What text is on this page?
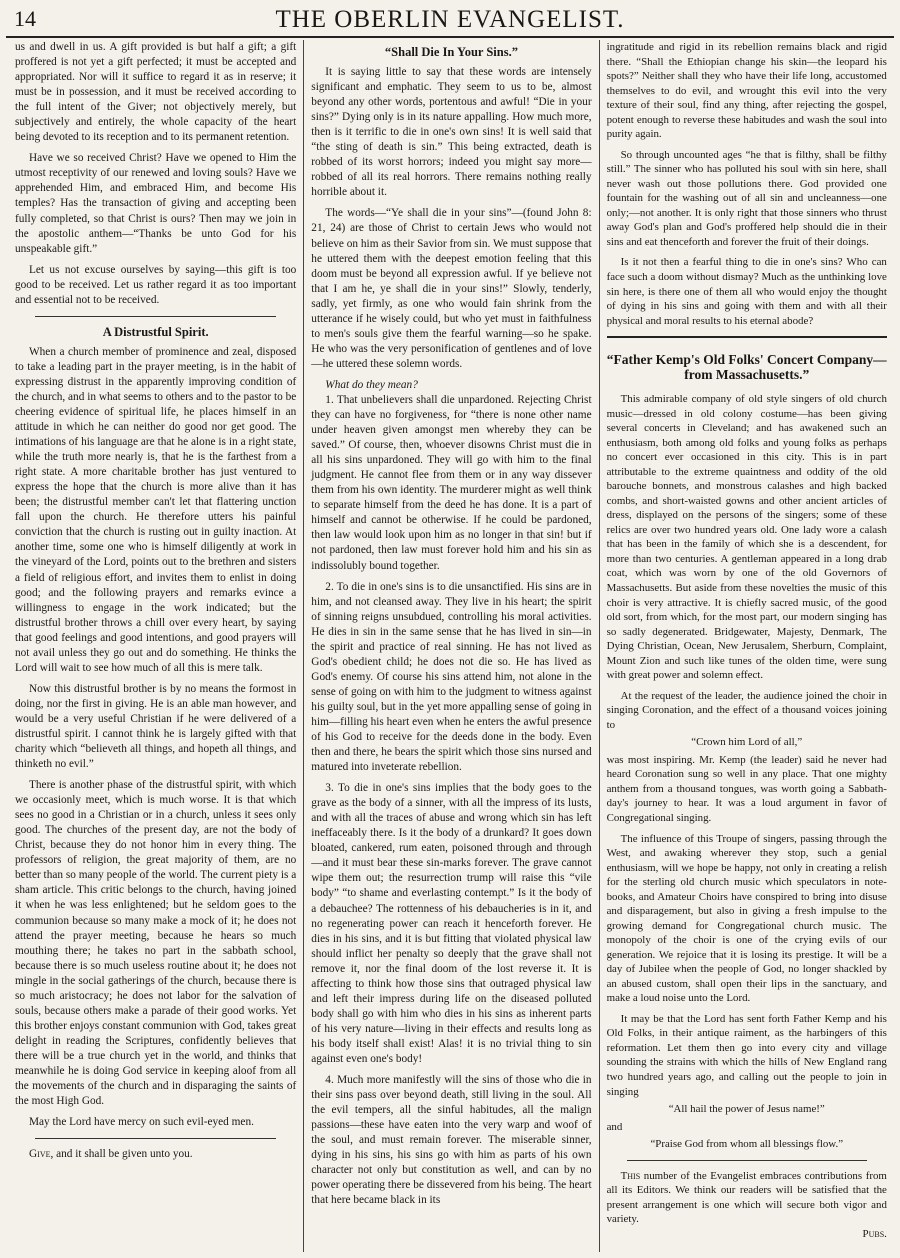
14	THE OBERLIN EVANGELIST.

us and dwell in us. A gift provided is but half a gift; a gift proffered is not yet a gift perfected; it must be accepted and appropriated. Nor will it suffice to regard it as in reserve; it must be in possession, and it must be received according to the full intent of the Giver; not objectively merely, but subjectively and entirely, the whole capacity of the heart being devoted to its reception and to its permanent retention.

Have we so received Christ? Have we opened to Him the utmost receptivity of our renewed and loving souls? Have we apprehended Him, and embraced Him, and become His temples? Has the transaction of giving and accepting been fully completed, so that Christ is ours? Then may we join in the apostolic anthem—“Thanks be unto God for his unspeakable gift.”

Let us not excuse ourselves by saying—this gift is too good to be received. Let us rather regard it as too important and essential not to be received.

A Distrustful Spirit.

When a church member of prominence and zeal, disposed to take a leading part in the prayer meeting, is in the habit of expressing distrust in the apparently improving condition of the church, and in what seems to others and to the pastor to be cheering evidence of spiritual life, he places himself in an attitude in which he can neither do good nor get good. The intimations of his language are that he alone is in a right state, while the truth more nearly is, that he is the farthest from a right state. A more charitable brother has just ventured to express the hope that the church is more alive than it has been; the distrustful member can't let that flattering unction fall upon the church. He therefore utters his painful conviction that the church is rusting out in guilty inaction. At another time, some one who is himself diligently at work in the vineyard of the Lord, points out to the brethren and sisters a field of religious effort, and invites them to enlist in doing good; and the following prayers and remarks evince a willingness to engage in the work indicated; but the distrustful brother throws a chill over every heart, by saying that good feelings and good intentions, and good prayers will not avail unless they go out and do something. He thinks the Lord will wait to see how much of all this is mere talk.

Now this distrustful brother is by no means the formost in doing, nor the first in giving. He is an able man however, and would be a very useful Christian if he were delivered of a distrustful spirit. I cannot think he is largely gifted with that charity which “believeth all things, and hopeth all things, and thinketh no evil.”

There is another phase of the distrustful spirit, with which we occasionly meet, which is much worse. It is that which sees no good in a Christian or in a church, unless it sees only good. The churches of the present day, are not the body of Christ, because they do not honor him in every thing. The professors of religion, the great majority of them, are no better than so many people of the world. The current piety is a sham article. This critic belongs to the church, having joined it when he was less enlightened; but he seldom goes to the communion because so many make a mock of it; he does not attend the prayer meeting, because he hears so much mouthing there; he takes no part in the sabbath school, because there is so much useless routine about it; he does not mingle in the social gatherings of the church, because there is so much aristocracy; he does not labor for the salvation of souls, because others make a parade of their good works. Yet this brother enjoys constant communion with God, takes great delight in reading the Scriptures, confidently believes that there will be a true church yet in the world, and thinks that meanwhile he is doing God service in keeping aloof from all the movements of the church and in disparaging the saints of the most High God.

May the Lord have mercy on such evil-eyed men.

Give, and it shall be given unto you.

“Shall Die In Your Sins.”

It is saying little to say that these words are intensely significant and emphatic. They seem to us to be, almost beyond any other words, portentous and awful! “Die in your sins?” Dying only is in its nature appalling. How much more, then is it terrific to die in one's own sins! It is well said that “the sting of death is sin.” This being extracted, death is robbed of its worst horrors; indeed you might say more—robbed of all its real horrors. There remains nothing really horrible about it.

The words—“Ye shall die in your sins”—(found John 8: 21, 24) are those of Christ to certain Jews who would not believe on him as their Savior from sin. We must suppose that he uttered them with the deepest emotion feeling that this doom must be beyond all expression awful. If ye believe not that I am he, ye shall die in your sins!” Slowly, tenderly, sadly, yet firmly, as one who would fain shrink from the utterance if he wisely could, but who yet must in faithfulness to men's souls give them the fearful warning—so he spake. He who was the very personification of gentlenes and of love—he uttered these solemn words.

What do they mean?

1. That unbelievers shall die unpardoned. Rejecting Christ they can have no forgiveness, for “there is none other name under heaven given amongst men whereby they can be saved.” Of course, then, whoever disowns Christ must die in all his sins unpardoned. They will go with him to the final judgment. He cannot flee from them or in any way dissever them from his own identity. The murderer might as well think to separate himself from the deed he has done. It is a part of himself and cannot be otherwise. If he could be pardoned, then law would look upon him as no longer in that sin! but if not pardoned, then law must forever hold him and his sin as indissolubly bound together.

2. To die in one's sins is to die unsanctified. His sins are in him, and not cleansed away. They live in his heart; the spirit of sinning reigns unsubdued, controlling his moral activities. He dies in sin in the same sense that he has lived in sin—in the spirit and practice of real sinning. He has not lived as God's obedient child; he does not die so. He has lived as God's enemy. Of course his sins attend him, not alone in the sense of going on with him to the judgment to witness against his guilty soul, but in the yet more appalling sense of going in him—filling his heart even when he enters the awful presence of his God to receive for the deeds done in the body. Even then and there, he bears the spirit which those sins nursed and matured into inveterate rebellion.

3. To die in one's sins implies that the body goes to the grave as the body of a sinner, with all the impress of its lusts, and with all the traces of abuse and wrong which sin has left ineffaceably there. Is it the body of a drunkard? It goes down bloated, cankered, rum eaten, poisoned through and through—and it must bear these sin-marks forever. The grave cannot wipe them out; the resurrection trump will raise this “vile body” “to shame and everlasting contempt.” Is it the body of a debauchee? The rottenness of his debaucheries is in it, and no regenerating power can reach it henceforth forever. He dies in his sins, and it is but fitting that violated physical law should inflict her penalty so deeply that the grave shall not remove it, nor the final doom of the lost reverse it. It is affecting to think how those sins that outraged physical law and left their impress during life on the diseased polluted body shall go with him who dies in his sins as inherent parts of his very nature—living in their effects and results long as his body itself shall exist! Alas! it is no trivial thing to sin against even one's body!

4. Much more manifestly will the sins of those who die in their sins pass over beyond death, still living in the soul. All the evil tempers, all the sinful habitudes, all the malign passions—these have eaten into the very warp and woof of the soul, and must remain forever. The miserable sinner, dying in his sins, his sins go with him as parts of his own character not only but constitution as well, and can by no power operating there be dissevered from his being. The heart that here became black in its

ingratitude and rigid in its rebellion remains black and rigid there. “Shall the Ethiopian change his skin—the leopard his spots?” Neither shall they who have their life long, accustomed themselves to do evil, and wrought this evil into the very texture of their soul, find any thing, after rejecting the gospel, potent enough to reverse these habitudes and wash the soul into purity again.

So through uncounted ages “he that is filthy, shall be filthy still.” The sinner who has polluted his soul with sin here, shall never wash out those pollutions there. God provided one fountain for the washing out of all sin and uncleanness—one only;—not another. It is only right that those sinners who thrust away God's plan and God's proffered help should die in their sins and eat thenceforth and forever the fruit of their doings.

Is it not then a fearful thing to die in one's sins? Who can face such a doom without dismay? Much as the unthinking love sin here, is there one of them all who would enjoy the thought of dying in his sins and going with them and with all their physical and moral results to his eternal abode?

“Father Kemp's Old Folks' Concert Company—from Massachusetts.”

This admirable company of old style singers of old church music—dressed in old colony costume—has been giving several concerts in Cleveland; and has awakened such an enthusiasm, both among old folks and young folks as perhaps no concert ever occasioned in this city. This is in part attributable to the extreme quaintness and oddity of the old barouche bonnets, and monstrous calashes and high backed combs, and short-waisted gowns and other ancient articles of dress, displayed on the persons of the singers; some of these relics are over two hundred years old. One lady wore a calash that has been in the family of which she is a descendent, for more than two centuries. A gentleman appeared in a long drab coat, which was worn by one of the old Governors of Massachusetts. But aside from these novelties the music of this choir is very attractive. It is chiefly sacred music, of the good old sort, from which, for the most part, our modern singing has so sadly degenerated. Bridgewater, Majesty, Denmark, The Dying Christian, Ocean, New Jerusalem, Sherburn, Complaint, Mount Zion and such like tunes of the olden time, were sung with great power and solemn effect.

At the request of the leader, the audience joined the choir in singing Coronation, and the effect of a thousand voices joining to

“Crown him Lord of all,”

was most inspiring. Mr. Kemp (the leader) said he never had heard Coronation sung so well in any place. That one mighty anthem from a thousand tongues, was worth going a Sabbath-day's journey to hear. It was a loud argument in favor of Congregational singing.

The influence of this Troupe of singers, passing through the West, and awaking wherever they stop, such a genial enthusiasm, will we hope be happy, not only in creating a relish for the sterling old church music which speculators in note-books, and Amateur Choirs have conspired to bring into disuse and disparagement, but also in giving a fresh impulse to the growing demand for Congregational church music. The monopoly of the choir is one of the crying evils of our generation. We rejoice that it is losing its prestige. It will be a day of Jubilee when the people of God, no longer shackled by an abused custom, shall open their lips in the sanctuary, and make a loud noise unto the Lord.

It may be that the Lord has sent forth Father Kemp and his Old Folks, in their antique raiment, as the harbingers of this reformation. Let them then go into every city and village sounding the strains with which the hills of New England rang two hundred years ago, and calling out the people to join in singing

“All hail the power of Jesus name!”

and

“Praise God from whom all blessings flow.”

This number of the Evangelist embraces contributions from all its Editors. We think our readers will be satisfied that the present arrangement is one which will secure both vigor and variety.

Pubs.
